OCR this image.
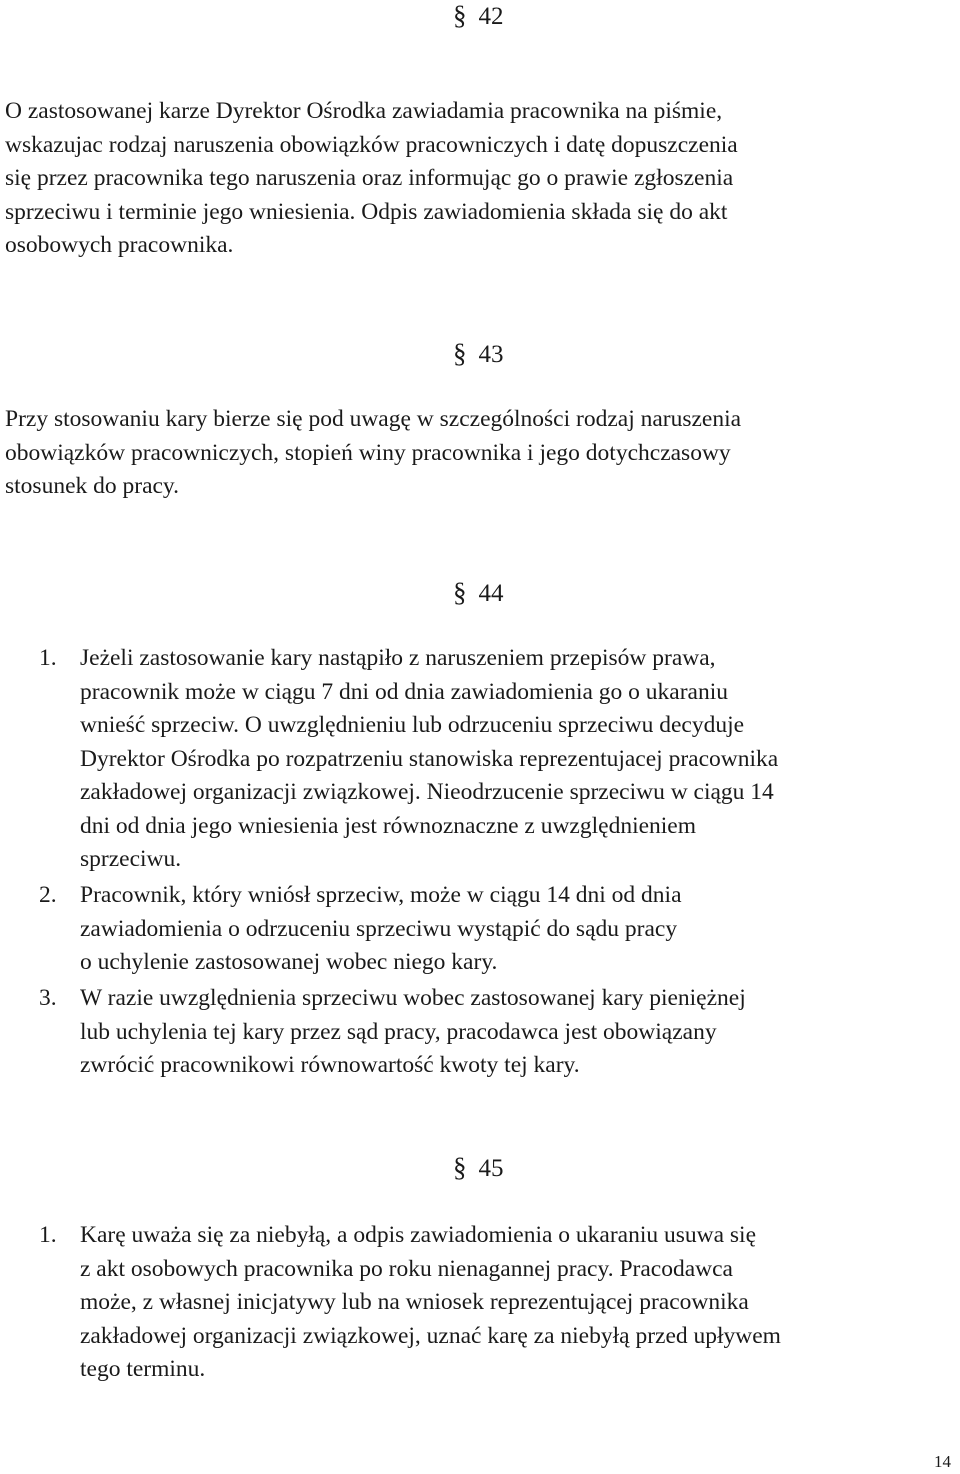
§ 42

O zastosowanej karze Dyrektor Ośrodka zawiadamia pracownika na piśmie,
wskazujac rodzaj naruszenia obowiązków pracowniczych i datę dopuszczenia
się przez pracownika tego naruszenia oraz informując go o prawie zgłoszenia
sprzeciwu i terminie jego wniesienia. Odpis zawiadomienia składa się do akt
osobowych pracownika.

§ 43

Przy stosowaniu kary bierze się pod uwagę w szczególności rodzaj naruszenia
obowiązków pracowniczych, stopień winy pracownika i jego dotychczasowy
stosunek do pracy.

§ 44
1. Jeżeli zastosowanie kary nastąpiło z naruszeniem przepisów prawa,
pracownik może w ciągu 7 dni od dnia zawiadomienia go o ukaraniu
wnieść sprzeciw. O uwzględnieniu lub odrzuceniu sprzeciwu decyduje
Dyrektor Ośrodka po rozpatrzeniu stanowiska reprezentujacej pracownika
zakładowej organizacji związkowej. Nieodrzucenie sprzeciwu w ciągu 14
dni od dnia jego wniesienia jest równoznaczne z uwzględnieniem
sprzeciwu.
2. Pracownik, który wniósł sprzeciw, może w ciągu 14 dni od dnia
zawiadomienia o odrzuceniu sprzeciwu wystąpić do sądu pracy
o uchylenie zastosowanej wobec niego kary.
3. W razie uwzględnienia sprzeciwu wobec zastosowanej kary pieniężnej
lub uchylenia tej kary przez sąd pracy, pracodawca jest obowiązany
zwrócić pracownikowi równowartość kwoty tej kary.
§ 45
1. Karę uważa się za niebyłą, a odpis zawiadomienia o ukaraniu usuwa się
z akt osobowych pracownika po roku nienagannej pracy. Pracodawca
może, z własnej inicjatywy lub na wniosek reprezentującej pracownika
zakładowej organizacji związkowej, uznać karę za niebyłą przed upływem
tego terminu.
14
